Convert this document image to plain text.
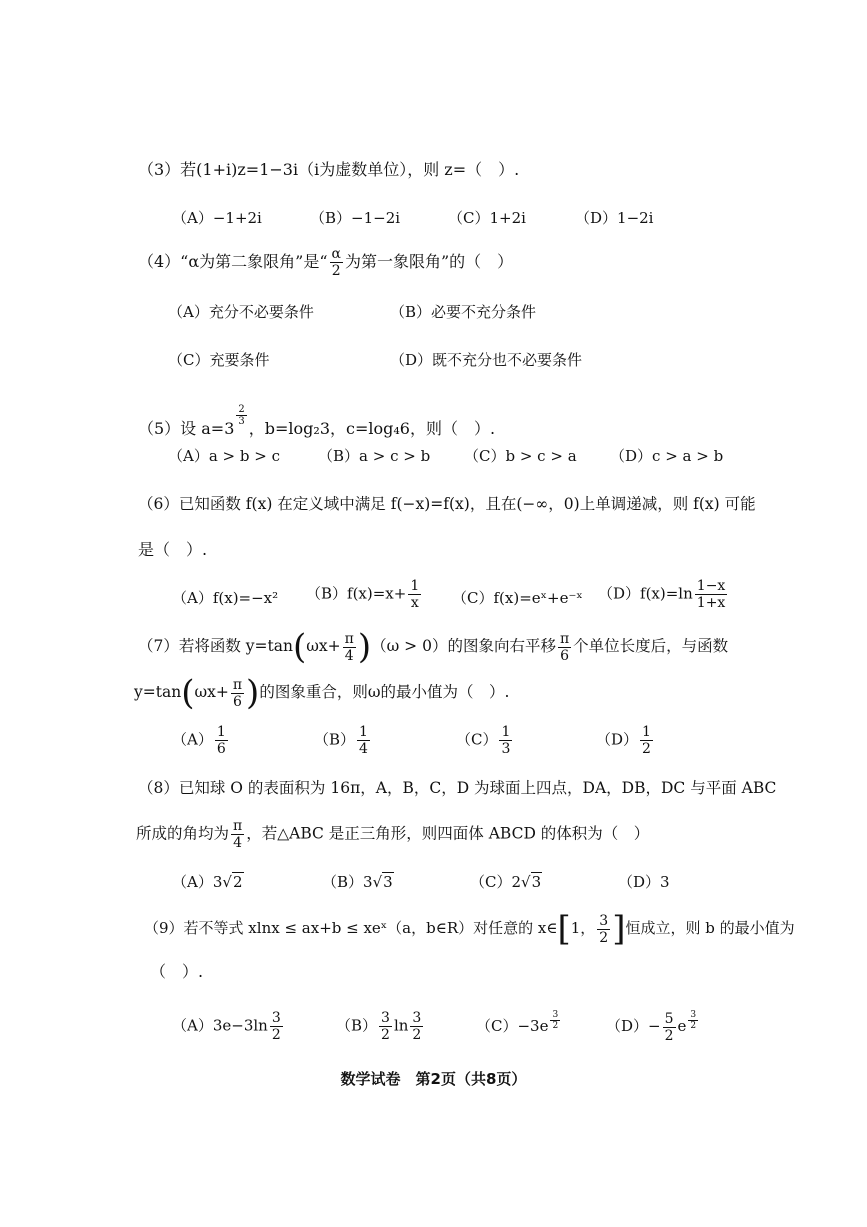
（3）若(1+i)z=1−3i（i为虚数单位），则 z=（　）.
（A）−1+2i	（B）−1−2i	（C）1+2i	（D）1−2i
（4）“α为第二象限角”是“ $\frac{\alpha}{2}$ 为第一象限角”的（　）
（A）充分不必要条件	（B）必要不充分条件
（C）充要条件	（D）既不充分也不必要条件
（5）设 a=3
$\frac{2}{3}$
，b=log₂3，c=log₄6，则（　）.
（A）a > b > c	（B）a > c > b （C）b > c > a （D）c > a > b
（6）已知函数 f(x) 在定义域中满足 f(−x)=f(x)，且在(−∞，0)上单调递减，则 f(x) 可能
是（　）.
（A）f(x)=−x² $(B)f(x)=x+ \frac{1}{x}$ （C）f(x)=eˣ+e⁻ˣ $(D)f(x)=\ln \frac{1-x}{1+x}$
（7）若将函数 $y=\tan(\omega x+ \frac{\pi}{4} )(\omega > 0)$的图象向右平移 $\frac{\pi}{6}$ 个单位长度后，与函数
$y=\tan(\omega x+ \frac{\pi}{6}$ )的图象重合，则ω的最小值为（　）.
$(A) \frac{1}{6}$	$(B) \frac{1}{4}$	$(C) \frac{1}{3}$	$(D) \frac{1}{2}$
（8）已知球 O 的表面积为 16π，A，B，C，D 为球面上四点，DA，DB，DC 与平面 ABC
所成的角均为 $\frac{\pi}{4}$ ，若△ABC 是正三角形，则四面体 ABCD 的体积为（　）
（A）3√2	（B）3√3	（C）2√3	（D）3
（9）若不等式 xlnx ≤ ax+b ≤ xeˣ（a，b∈R）对任意的 x∈[1， $\frac{3}{2}$ ]恒成立，则 b 的最小值为
（　）.
$(A)3e-3\ln \frac{3}{2}$	$(B) \frac{3}{2}$ $\ln \frac{3}{2}$	$(C)-3e \frac{3}{2}$	$(D)- \frac{5}{2}$ e $\frac{3}{2}$
数学试卷　第2页（共8页）
